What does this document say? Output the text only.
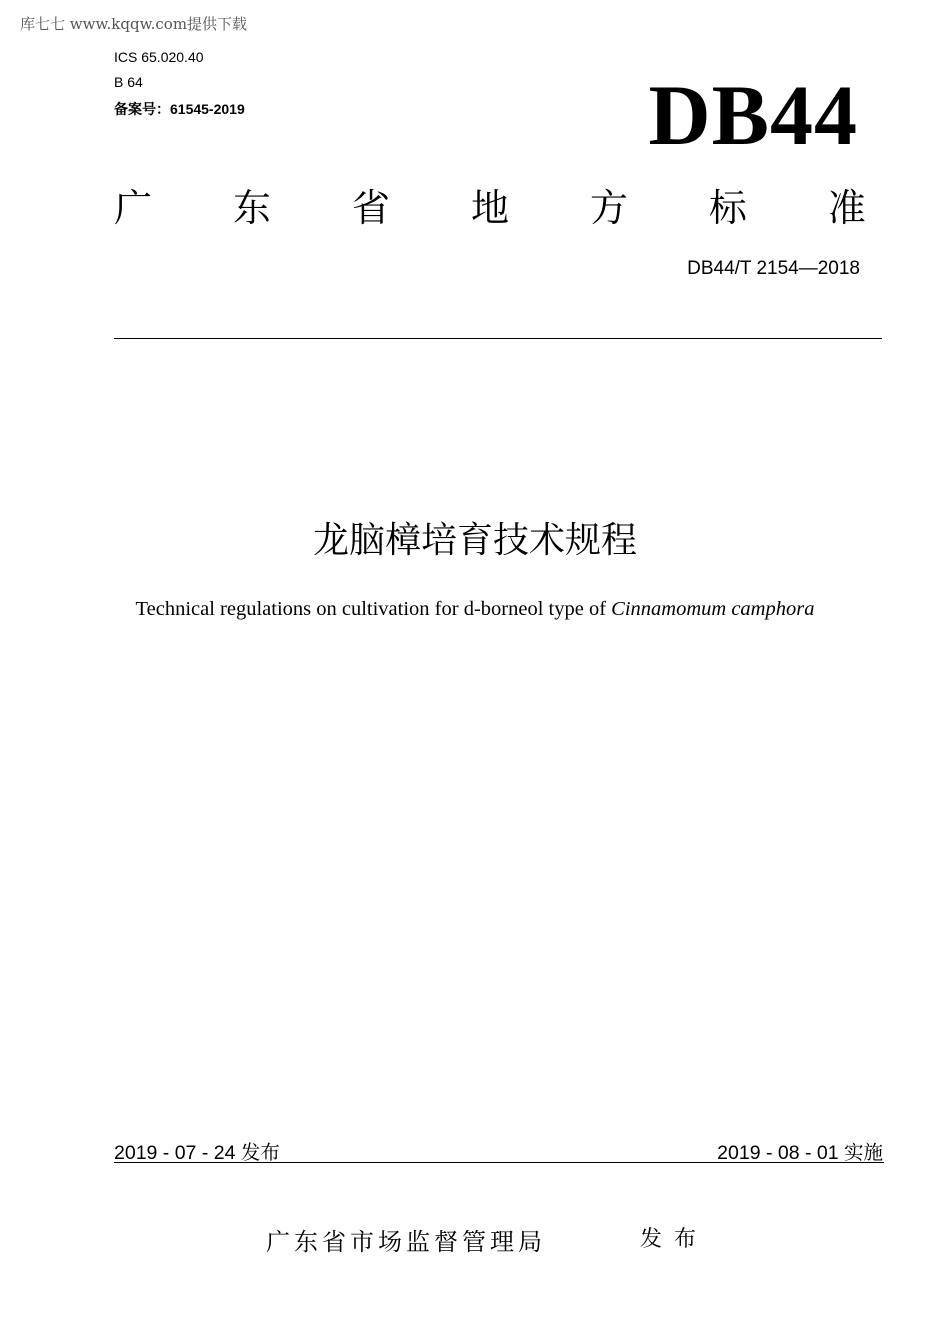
库七七 www.kqqw.com提供下载
ICS 65.020.40
B 64
备案号：61545-2019	DB44
广 东 省 地 方 标 准
DB44/T 2154—2018
龙脑樟培育技术规程
Technical regulations on cultivation for d-borneol type of Cinnamomum camphora
2019 - 07 - 24 发布	2019 - 08 - 01 实施
广东省市场监督管理局	发布
